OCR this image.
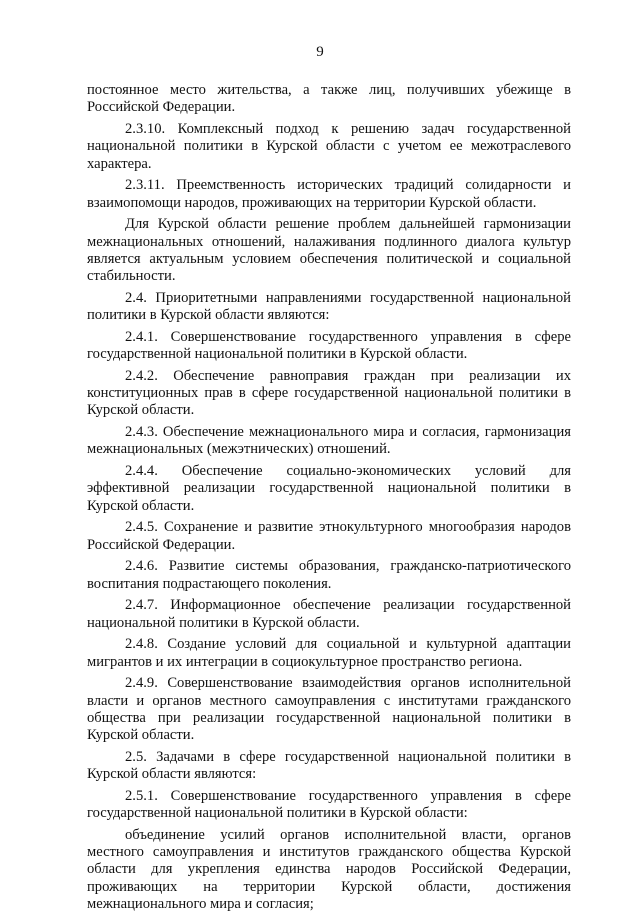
9

постоянное место жительства, а также лиц, получивших убежище в Российской Федерации.

2.3.10. Комплексный подход к решению задач государственной национальной политики в Курской области с учетом ее межотраслевого характера.

2.3.11. Преемственность исторических традиций солидарности и взаимопомощи народов, проживающих на территории Курской области.

Для Курской области решение проблем дальнейшей гармонизации межнациональных отношений, налаживания подлинного диалога культур является актуальным условием обеспечения политической и социальной стабильности.

2.4. Приоритетными направлениями государственной национальной политики в Курской области являются:

2.4.1. Совершенствование государственного управления в сфере государственной национальной политики в Курской области.

2.4.2. Обеспечение равноправия граждан при реализации их конституционных прав в сфере государственной национальной политики в Курской области.

2.4.3. Обеспечение межнационального мира и согласия, гармонизация межнациональных (межэтнических) отношений.

2.4.4. Обеспечение социально-экономических условий для эффективной реализации государственной национальной политики в Курской области.

2.4.5. Сохранение и развитие этнокультурного многообразия народов Российской Федерации.

2.4.6. Развитие системы образования, гражданско-патриотического воспитания подрастающего поколения.

2.4.7. Информационное обеспечение реализации государственной национальной политики в Курской области.

2.4.8. Создание условий для социальной и культурной адаптации мигрантов и их интеграции в социокультурное пространство региона.

2.4.9. Совершенствование взаимодействия органов исполнительной власти и органов местного самоуправления с институтами гражданского общества при реализации государственной национальной политики в Курской области.

2.5. Задачами в сфере государственной национальной политики в Курской области являются:

2.5.1. Совершенствование государственного управления в сфере государственной национальной политики в Курской области:

объединение усилий органов исполнительной власти, органов местного самоуправления и институтов гражданского общества Курской области для укрепления единства народов Российской Федерации, проживающих на территории Курской области, достижения межнационального мира и согласия;
